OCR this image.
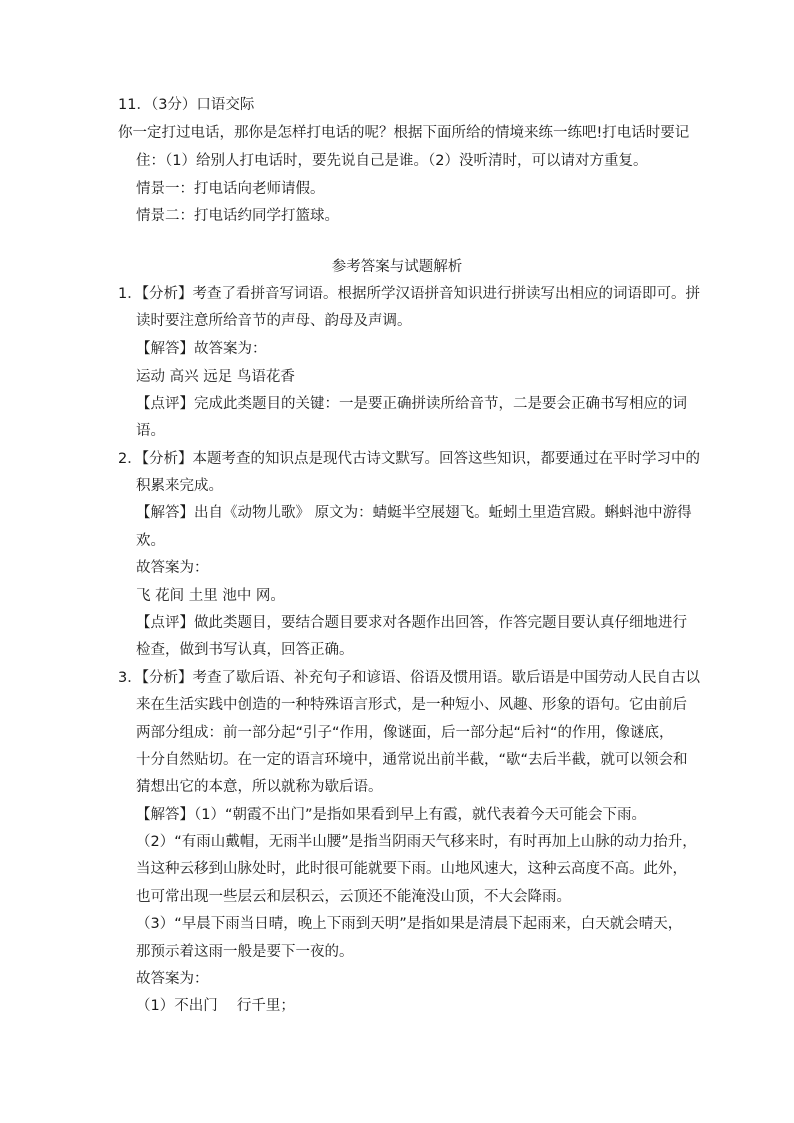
11．（3分）口语交际
你一定打过电话，那你是怎样打电话的呢？根据下面所给的情境来练一练吧!打电话时要记
住：（1）给别人打电话时，要先说自己是谁。（2）没听清时，可以请对方重复。
情景一：打电话向老师请假。
情景二：打电话约同学打篮球。
参考答案与试题解析
1．【分析】考查了看拼音写词语。根据所学汉语拼音知识进行拼读写出相应的词语即可。拼
读时要注意所给音节的声母、韵母及声调。
【解答】故答案为：
运动 高兴 远足 鸟语花香
【点评】完成此类题目的关键：一是要正确拼读所给音节，二是要会正确书写相应的词
语。
2．【分析】本题考查的知识点是现代古诗文默写。回答这些知识，都要通过在平时学习中的
积累来完成。
【解答】出自《动物儿歌》 原文为：蜻蜓半空展翅飞。蚯蚓土里造宫殿。蝌蚪池中游得
欢。
故答案为：
飞 花间 土里 池中 网。
【点评】做此类题目，要结合题目要求对各题作出回答，作答完题目要认真仔细地进行
检查，做到书写认真，回答正确。
3．【分析】考查了歇后语、补充句子和谚语、俗语及惯用语。歇后语是中国劳动人民自古以
来在生活实践中创造的一种特殊语言形式，是一种短小、风趣、形象的语句。它由前后
两部分组成：前一部分起“引子“作用，像谜面，后一部分起“后衬“的作用，像谜底，
十分自然贴切。在一定的语言环境中，通常说出前半截，“歇“去后半截，就可以领会和
猜想出它的本意，所以就称为歇后语。
【解答】（1）“朝霞不出门”是指如果看到早上有霞，就代表着今天可能会下雨。
（2）“有雨山戴帽，无雨半山腰”是指当阴雨天气移来时，有时再加上山脉的动力抬升，
当这种云移到山脉处时，此时很可能就要下雨。山地风速大，这种云高度不高。此外，
也可常出现一些层云和层积云，云顶还不能淹没山顶，不大会降雨。
（3）“早晨下雨当日晴，晚上下雨到天明”是指如果是清晨下起雨来，白天就会晴天，
那预示着这雨一般是要下一夜的。
故答案为：
（1）不出门　 行千里；
